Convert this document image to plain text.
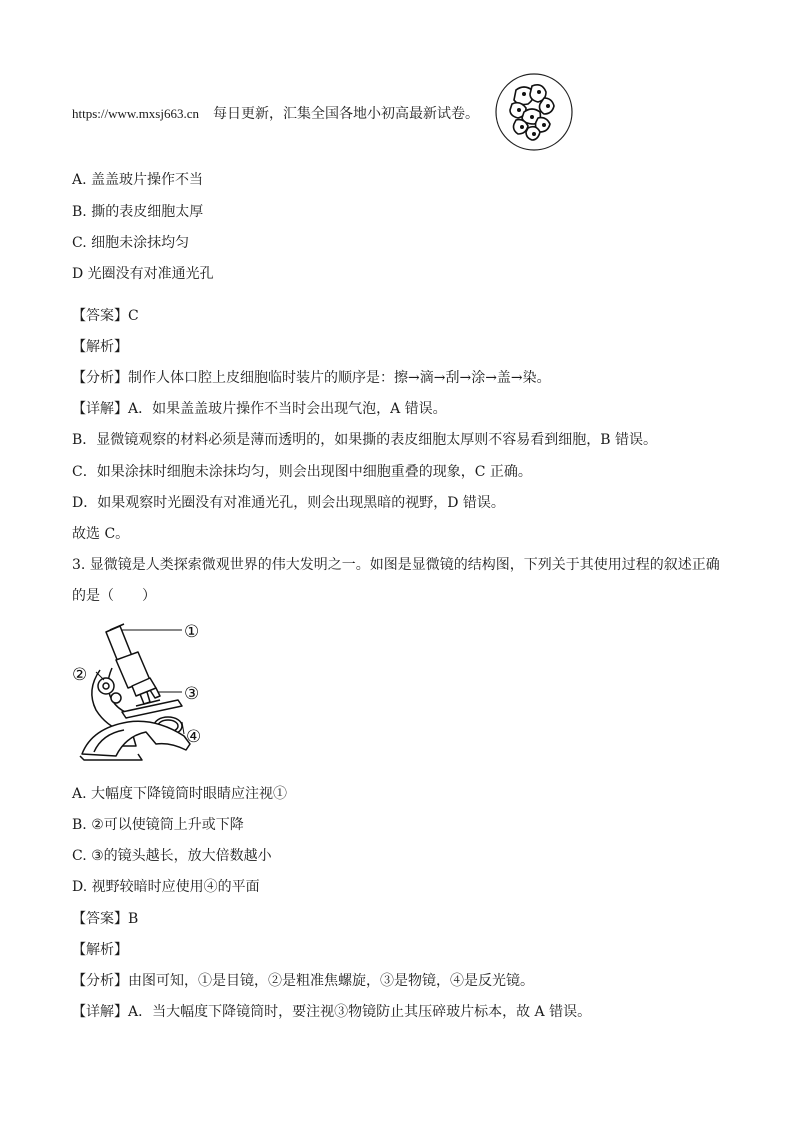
https://www.mxsj663.cn 每日更新，汇集全国各地小初高最新试卷。
A. 盖盖玻片操作不当
B. 撕的表皮细胞太厚
C. 细胞未涂抹均匀
D 光圈没有对准通光孔
【答案】C
【解析】
【分析】制作人体口腔上皮细胞临时装片的顺序是：擦→滴→刮→涂→盖→染。
【详解】A．如果盖盖玻片操作不当时会出现气泡，A 错误。
B．显微镜观察的材料必须是薄而透明的，如果撕的表皮细胞太厚则不容易看到细胞，B 错误。
C．如果涂抹时细胞未涂抹均匀，则会出现图中细胞重叠的现象，C 正确。
D．如果观察时光圈没有对准通光孔，则会出现黑暗的视野，D 错误。
故选 C。
3. 显微镜是人类探索微观世界的伟大发明之一。如图是显微镜的结构图，下列关于其使用过程的叙述正确
的是（　　）
①
②
③
④
A. 大幅度下降镜筒时眼睛应注视①
B. ②可以使镜筒上升或下降
C. ③的镜头越长，放大倍数越小
D. 视野较暗时应使用④的平面
【答案】B
【解析】
【分析】由图可知，①是目镜，②是粗准焦螺旋，③是物镜，④是反光镜。
【详解】A．当大幅度下降镜筒时，要注视③物镜防止其压碎玻片标本，故 A 错误。
